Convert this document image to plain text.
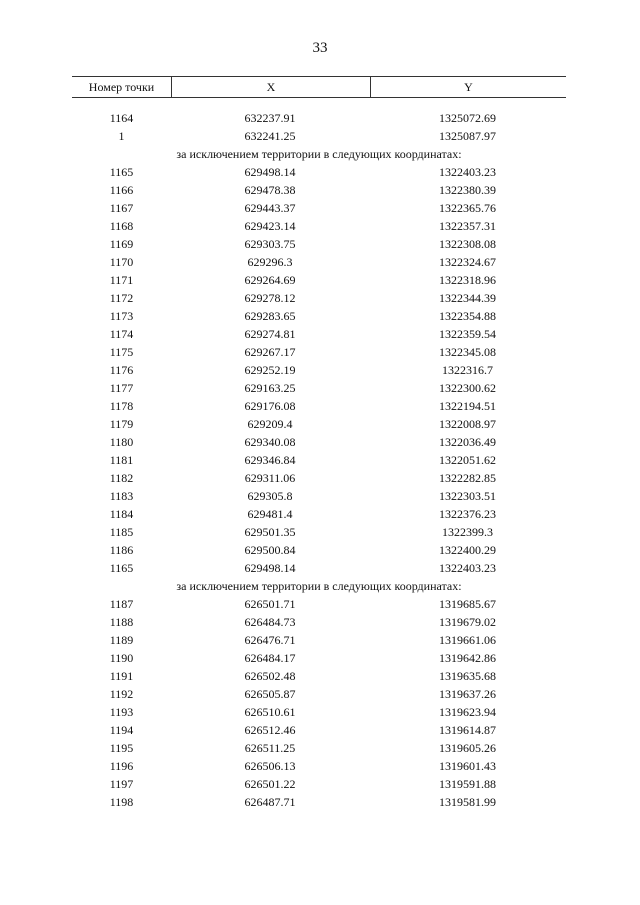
33
Номер точки	X	Y
1164	632237.91	1325072.69
1	632241.25	1325087.97
за исключением территории в следующих координатах:
1165	629498.14	1322403.23
1166	629478.38	1322380.39
1167	629443.37	1322365.76
1168	629423.14	1322357.31
1169	629303.75	1322308.08
1170	629296.3	1322324.67
1171	629264.69	1322318.96
1172	629278.12	1322344.39
1173	629283.65	1322354.88
1174	629274.81	1322359.54
1175	629267.17	1322345.08
1176	629252.19	1322316.7
1177	629163.25	1322300.62
1178	629176.08	1322194.51
1179	629209.4	1322008.97
1180	629340.08	1322036.49
1181	629346.84	1322051.62
1182	629311.06	1322282.85
1183	629305.8	1322303.51
1184	629481.4	1322376.23
1185	629501.35	1322399.3
1186	629500.84	1322400.29
1165	629498.14	1322403.23
за исключением территории в следующих координатах:
1187	626501.71	1319685.67
1188	626484.73	1319679.02
1189	626476.71	1319661.06
1190	626484.17	1319642.86
1191	626502.48	1319635.68
1192	626505.87	1319637.26
1193	626510.61	1319623.94
1194	626512.46	1319614.87
1195	626511.25	1319605.26
1196	626506.13	1319601.43
1197	626501.22	1319591.88
1198	626487.71	1319581.99
